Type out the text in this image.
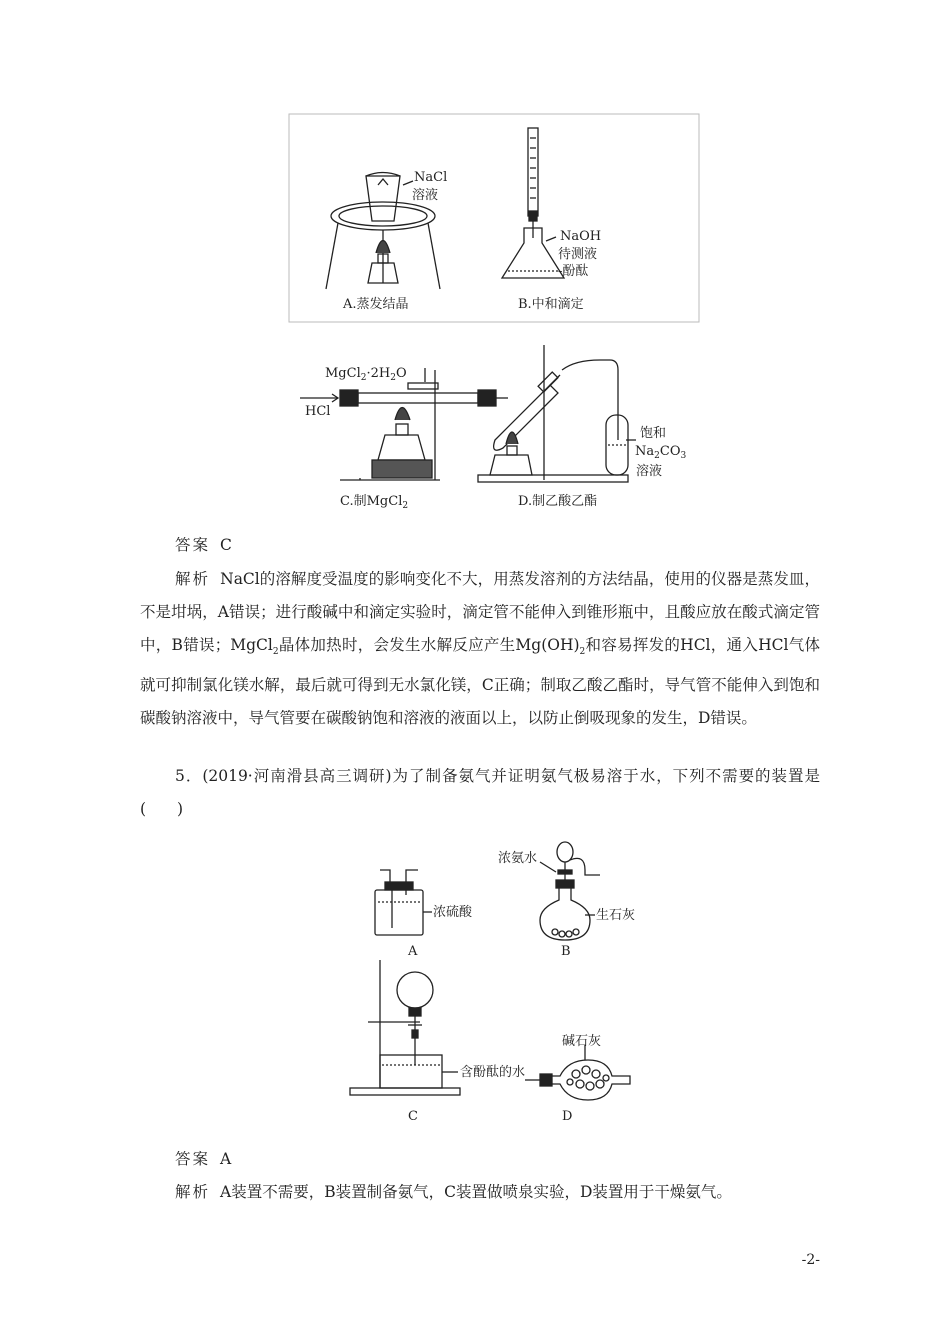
NaCl
溶液
A.蒸发结晶
NaOH
待测液
-酚酞
B.中和滴定
$MgCl_2\cdot 2H_2O$
HCl
C.制MgCl$_2$
饱和
$Na_2CO_3$
溶液
D.制乙酸乙酯
答案 C
解析 NaCl的溶解度受温度的影响变化不大，用蒸发溶剂的方法结晶，使用的仪器是蒸发皿，不是坩埚，A错误；进行酸碱中和滴定实验时，滴定管不能伸入到锥形瓶中，且酸应放在酸式滴定管中，B错误；MgCl$_2$晶体加热时，会发生水解反应产生$Mg(OH)_2$和容易挥发的HCl，通入HCl气体就可抑制氯化镁水解，最后就可得到无水氯化镁，C正确；制取乙酸乙酯时，导气管不能伸入到饱和碳酸钠溶液中，导气管要在碳酸钠饱和溶液的液面以上，以防止倒吸现象的发生，D错误。
5．(2019·河南滑县高三调研)为了制备氨气并证明氨气极易溶于水，下列不需要的装置是(　　)
浓硫酸
A
浓氨水
生石灰
B
含酚酞的水
C
碱石灰
D
答案 A
解析 A装置不需要，B装置制备氨气，C装置做喷泉实验，D装置用于干燥氨气。
-2-
